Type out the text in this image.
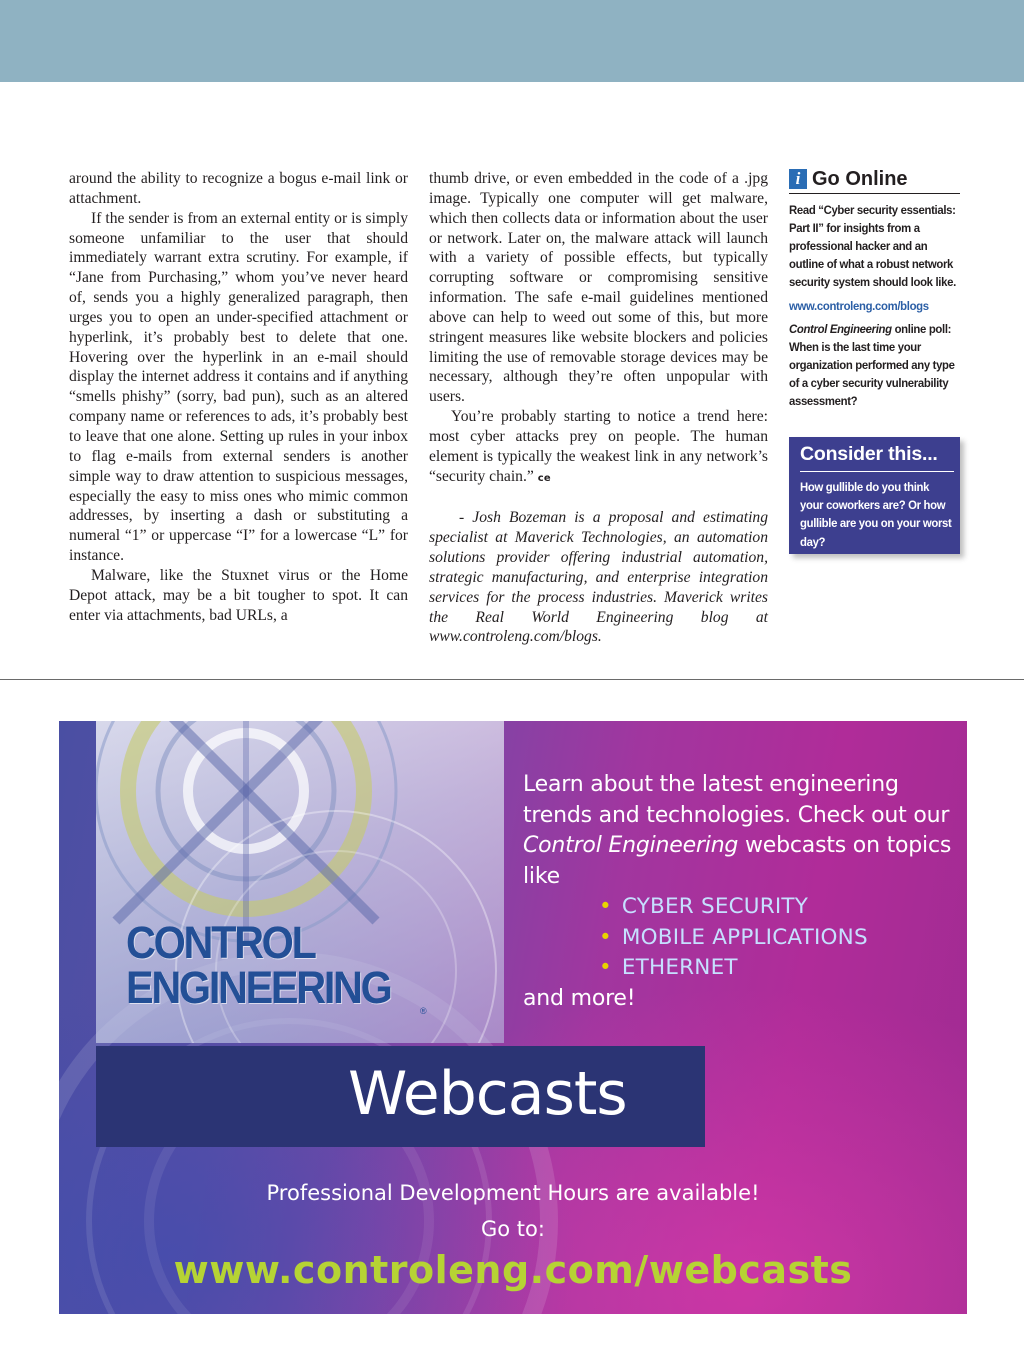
around the ability to recognize a bogus e-mail link or attachment.

If the sender is from an external entity or is simply someone unfamiliar to the user that should immediately warrant extra scrutiny. For example, if “Jane from Purchasing,” whom you’ve never heard of, sends you a highly generalized paragraph, then urges you to open an under-specified attachment or hyperlink, it’s probably best to delete that one. Hovering over the hyperlink in an e-mail should display the internet address it contains and if anything “smells phishy” (sorry, bad pun), such as an altered company name or references to ads, it’s probably best to leave that one alone. Setting up rules in your inbox to flag e-mails from external senders is another simple way to draw attention to suspicious messages, especially the easy to miss ones who mimic common addresses, by inserting a dash or substituting a numeral “1” or uppercase “I” for a lowercase “L” for instance.

Malware, like the Stuxnet virus or the Home Depot attack, may be a bit tougher to spot. It can enter via attachments, bad URLs, a

thumb drive, or even embedded in the code of a .jpg image. Typically one computer will get malware, which then collects data or information about the user or network. Later on, the malware attack will launch with a variety of possible effects, but typically corrupting software or compromising sensitive information. The safe e-mail guidelines mentioned above can help to weed out some of this, but more stringent measures like website blockers and policies limiting the use of removable storage devices may be necessary, although they’re often unpopular with users.

You’re probably starting to notice a trend here: most cyber attacks prey on people. The human element is typically the weakest link in any network’s “security chain.” ce

- Josh Bozeman is a proposal and estimating specialist at Maverick Technologies, an automation solutions provider offering industrial automation, strategic manufacturing, and enterprise integration services for the process industries. Maverick writes the Real World Engineering blog at www.controleng.com/blogs.

i Go Online
Read “Cyber security essentials: Part II” for insights from a professional hacker and an outline of what a robust network security system should look like.
www.controleng.com/blogs
Control Engineering online poll: When is the last time your organization performed any type of a cyber security vulnerability assessment?
Consider this...
How gullible do you think your coworkers are? Or how gullible are you on your worst day?
CONTROL
ENGINEERING	®
Webcasts
Learn about the latest engineering trends and technologies. Check out our Control Engineering webcasts on topics like
• CYBER SECURITY
• MOBILE APPLICATIONS
• ETHERNET
and more!
Professional Development Hours are available!
Go to:
www.controleng.com/webcasts
